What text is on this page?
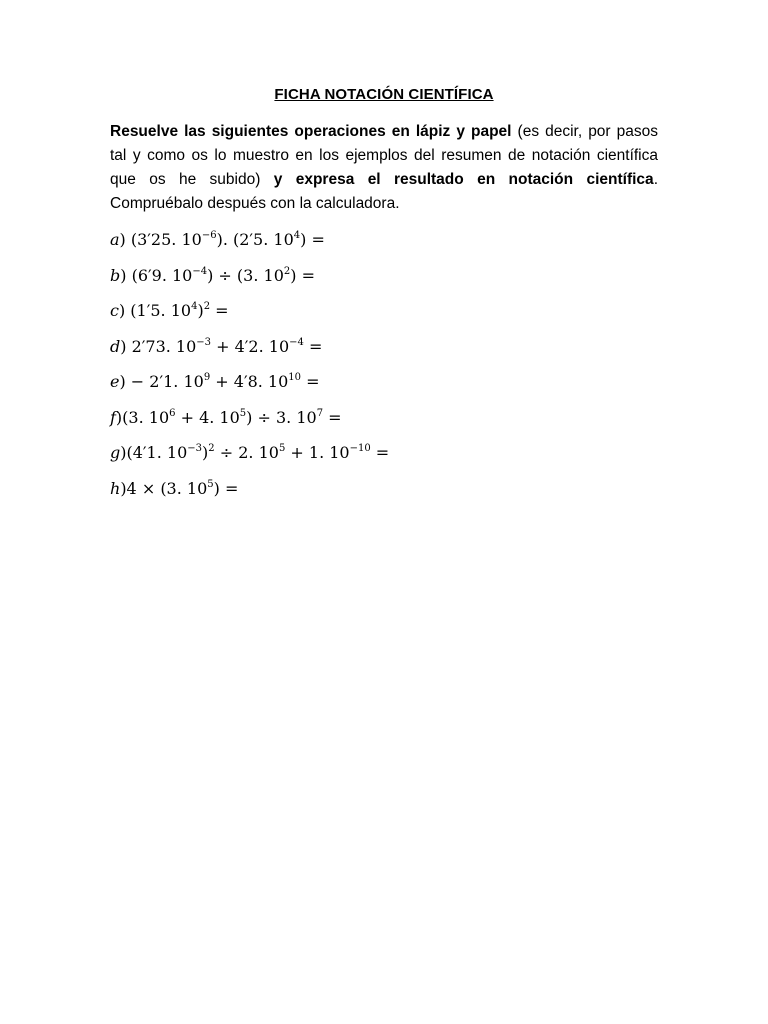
FICHA NOTACIÓN CIENTÍFICA
Resuelve las siguientes operaciones en lápiz y papel (es decir, por pasos tal y como os lo muestro en los ejemplos del resumen de notación científica que os he subido) y expresa el resultado en notación científica. Compruébalo después con la calculadora.
a) (3′25. $10^{-6}$). (2′5. $10^4$) =
b) (6′9. $10^{-4}) \div (3$. $10^2$) =
c) (1′5. $10^4)^2$ =
d) 2′73. $10^{-3} + 4'2$. $10^{-4}$ =
e) − 2′1. $10^9 + 4'8$. $10^{10}$ =
f)(3. $10^6 + 4$. $10^5) \div 3$. $10^7$ =
g)(4′1. $10^{-3})^2 \div 2$. $10^5 + 1$. $10^{-10}$ =
h)4 × (3. $10^5$) =
